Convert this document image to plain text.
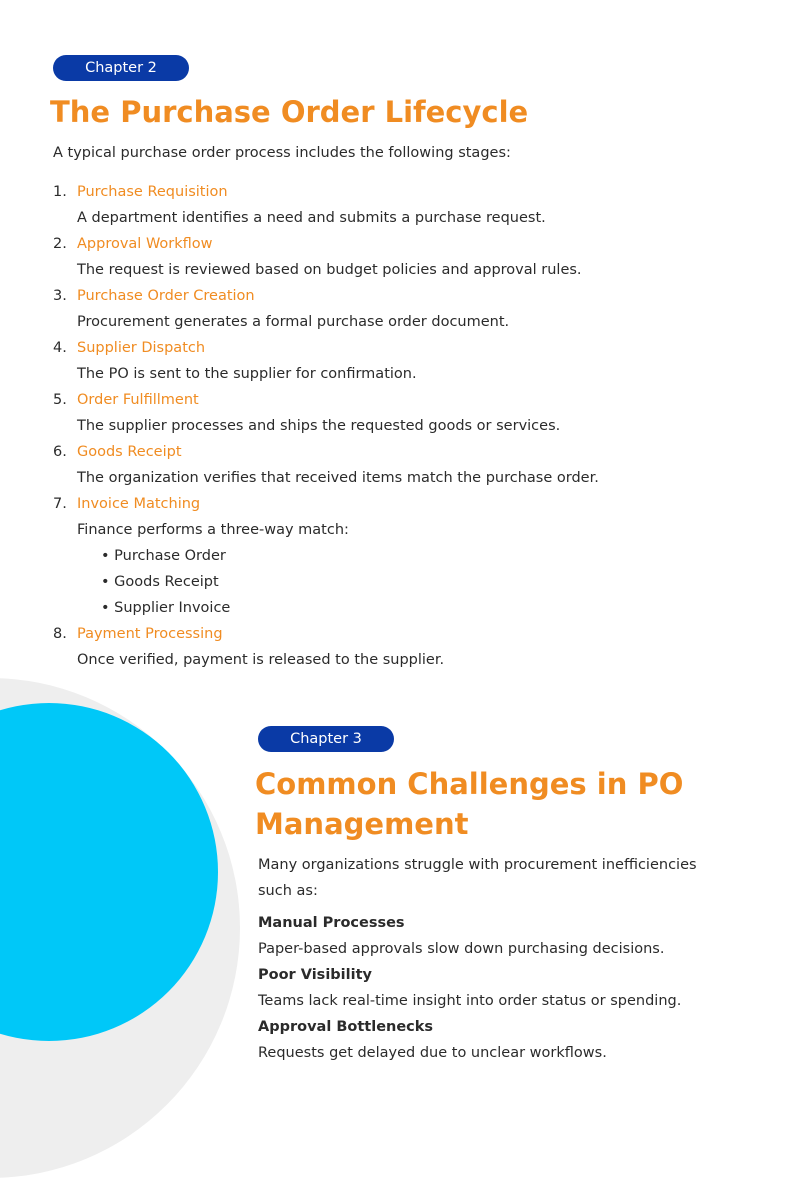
Chapter 2
The Purchase Order Lifecycle
A typical purchase order process includes the following stages:
1. Purchase Requisition
A department identifies a need and submits a purchase request.
2. Approval Workflow
The request is reviewed based on budget policies and approval rules.
3. Purchase Order Creation
Procurement generates a formal purchase order document.
4. Supplier Dispatch
The PO is sent to the supplier for confirmation.
5. Order Fulfillment
The supplier processes and ships the requested goods or services.
6. Goods Receipt
The organization verifies that received items match the purchase order.
7. Invoice Matching
Finance performs a three-way match:
• Purchase Order
• Goods Receipt
• Supplier Invoice
8. Payment Processing
Once verified, payment is released to the supplier.
Chapter 3
Common Challenges in PO Management
Many organizations struggle with procurement inefficiencies such as:
Manual Processes
Paper-based approvals slow down purchasing decisions.
Poor Visibility
Teams lack real-time insight into order status or spending.
Approval Bottlenecks
Requests get delayed due to unclear workflows.
